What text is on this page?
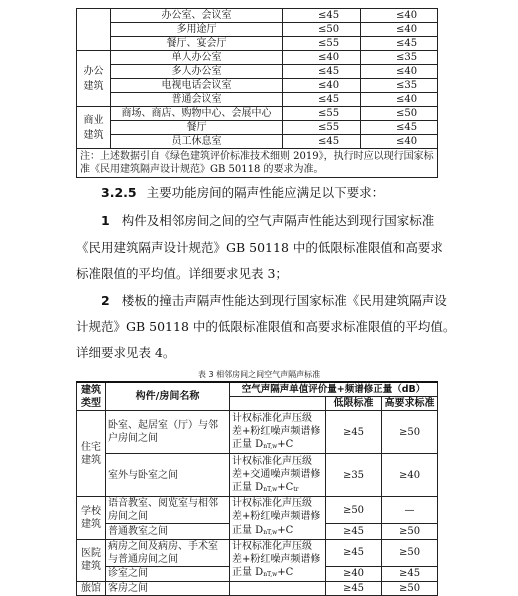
	办公室、会议室	≤45	≤40
	多用途厅	≤50	≤40
	餐厅、宴会厅	≤55	≤45
办公建筑	单人办公室	≤40	≤35
	多人办公室	≤45	≤40
	电视电话会议室	≤40	≤35
	普通会议室	≤45	≤40
商业建筑	商场、商店、购物中心、会展中心	≤55	≤50
	餐厅	≤55	≤45
	员工休息室	≤45	≤40
注：上述数据引自《绿色建筑评价标准技术细则 2019》，执行时应以现行国家标准《民用建筑隔声设计规范》GB 50118 的要求为准。			
3.2.5 主要功能房间的隔声性能应满足以下要求：
1 构件及相邻房间之间的空气声隔声性能达到现行国家标准
《民用建筑隔声设计规范》GB 50118 中的低限标准限值和高要求
标准限值的平均值。详细要求见表 3；
2 楼板的撞击声隔声性能达到现行国家标准《民用建筑隔声设
计规范》GB 50118 中的低限标准限值和高要求标准限值的平均值。
详细要求见表 4。
表 3 相邻房间之间空气声隔声标准
建筑类型	构件/房间名称	空气声隔声单值评价量+频谱修正量（dB）		
			低限标准	高要求标准
住宅建筑	卧室、起居室（厅）与邻户房间之间	计权标准化声压级
差+粉红噪声频谱修
正量 DnT,w+C	≥45	≥50
	室外与卧室之间	计权标准化声压级
差+交通噪声频谱修
正量 DnT,w+Ctr	≥35	≥40
学校建筑	语音教室、阅览室与相邻房间之间	计权标准化声压级
差+粉红噪声频谱修	≥50	—
	普通教室之间	正量 DnT,w+C	≥45	≥50
医院建筑	病房之间及病房、手术室与普通房间之间	计权标准化声压级
差+粉红噪声频谱修	≥45	≥50
	诊室之间	正量 DnT,w+C	≥40	≥45
旅馆	客房之间		≥45	≥50
